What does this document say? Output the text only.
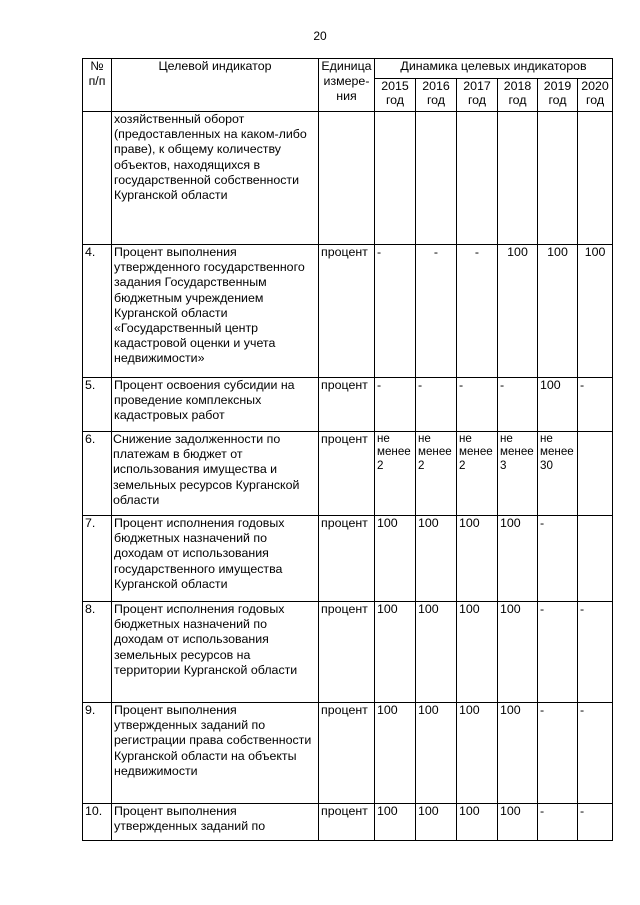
20
№ п/п	Целевой индикатор	Единица измере-ния	Динамика целевых индикаторов					
			2015 год	2016 год	2017 год	2018 год	2019 год	2020 год
	хозяйственный оборот (предоставленных на каком-либо праве), к общему количеству объектов, находящихся в государственной собственности Курганской области							
4.	Процент выполнения утвержденного государственного задания Государственным бюджетным учреждением Курганской области «Государственный центр кадастровой оценки и учета недвижимости»	процент	-	-	-	100	100	100
5.	Процент освоения субсидии на проведение комплексных кадастровых работ	процент	-	-	-	-	100	-
6.	Снижение задолженности по платежам в бюджет от использования имущества и земельных ресурсов Курганской области	процент	не менее 2	не менее 2	не менее 2	не менее 3	не менее 30	
7.	Процент исполнения годовых бюджетных назначений по доходам от использования государственного имущества Курганской области	процент	100	100	100	100	-	
8.	Процент исполнения годовых бюджетных назначений по доходам от использования земельных ресурсов на территории Курганской области	процент	100	100	100	100	-	-
9.	Процент выполнения утвержденных заданий по регистрации права собственности Курганской области на объекты недвижимости	процент	100	100	100	100	-	-
10.	Процент выполнения утвержденных заданий по	процент	100	100	100	100	-	-
